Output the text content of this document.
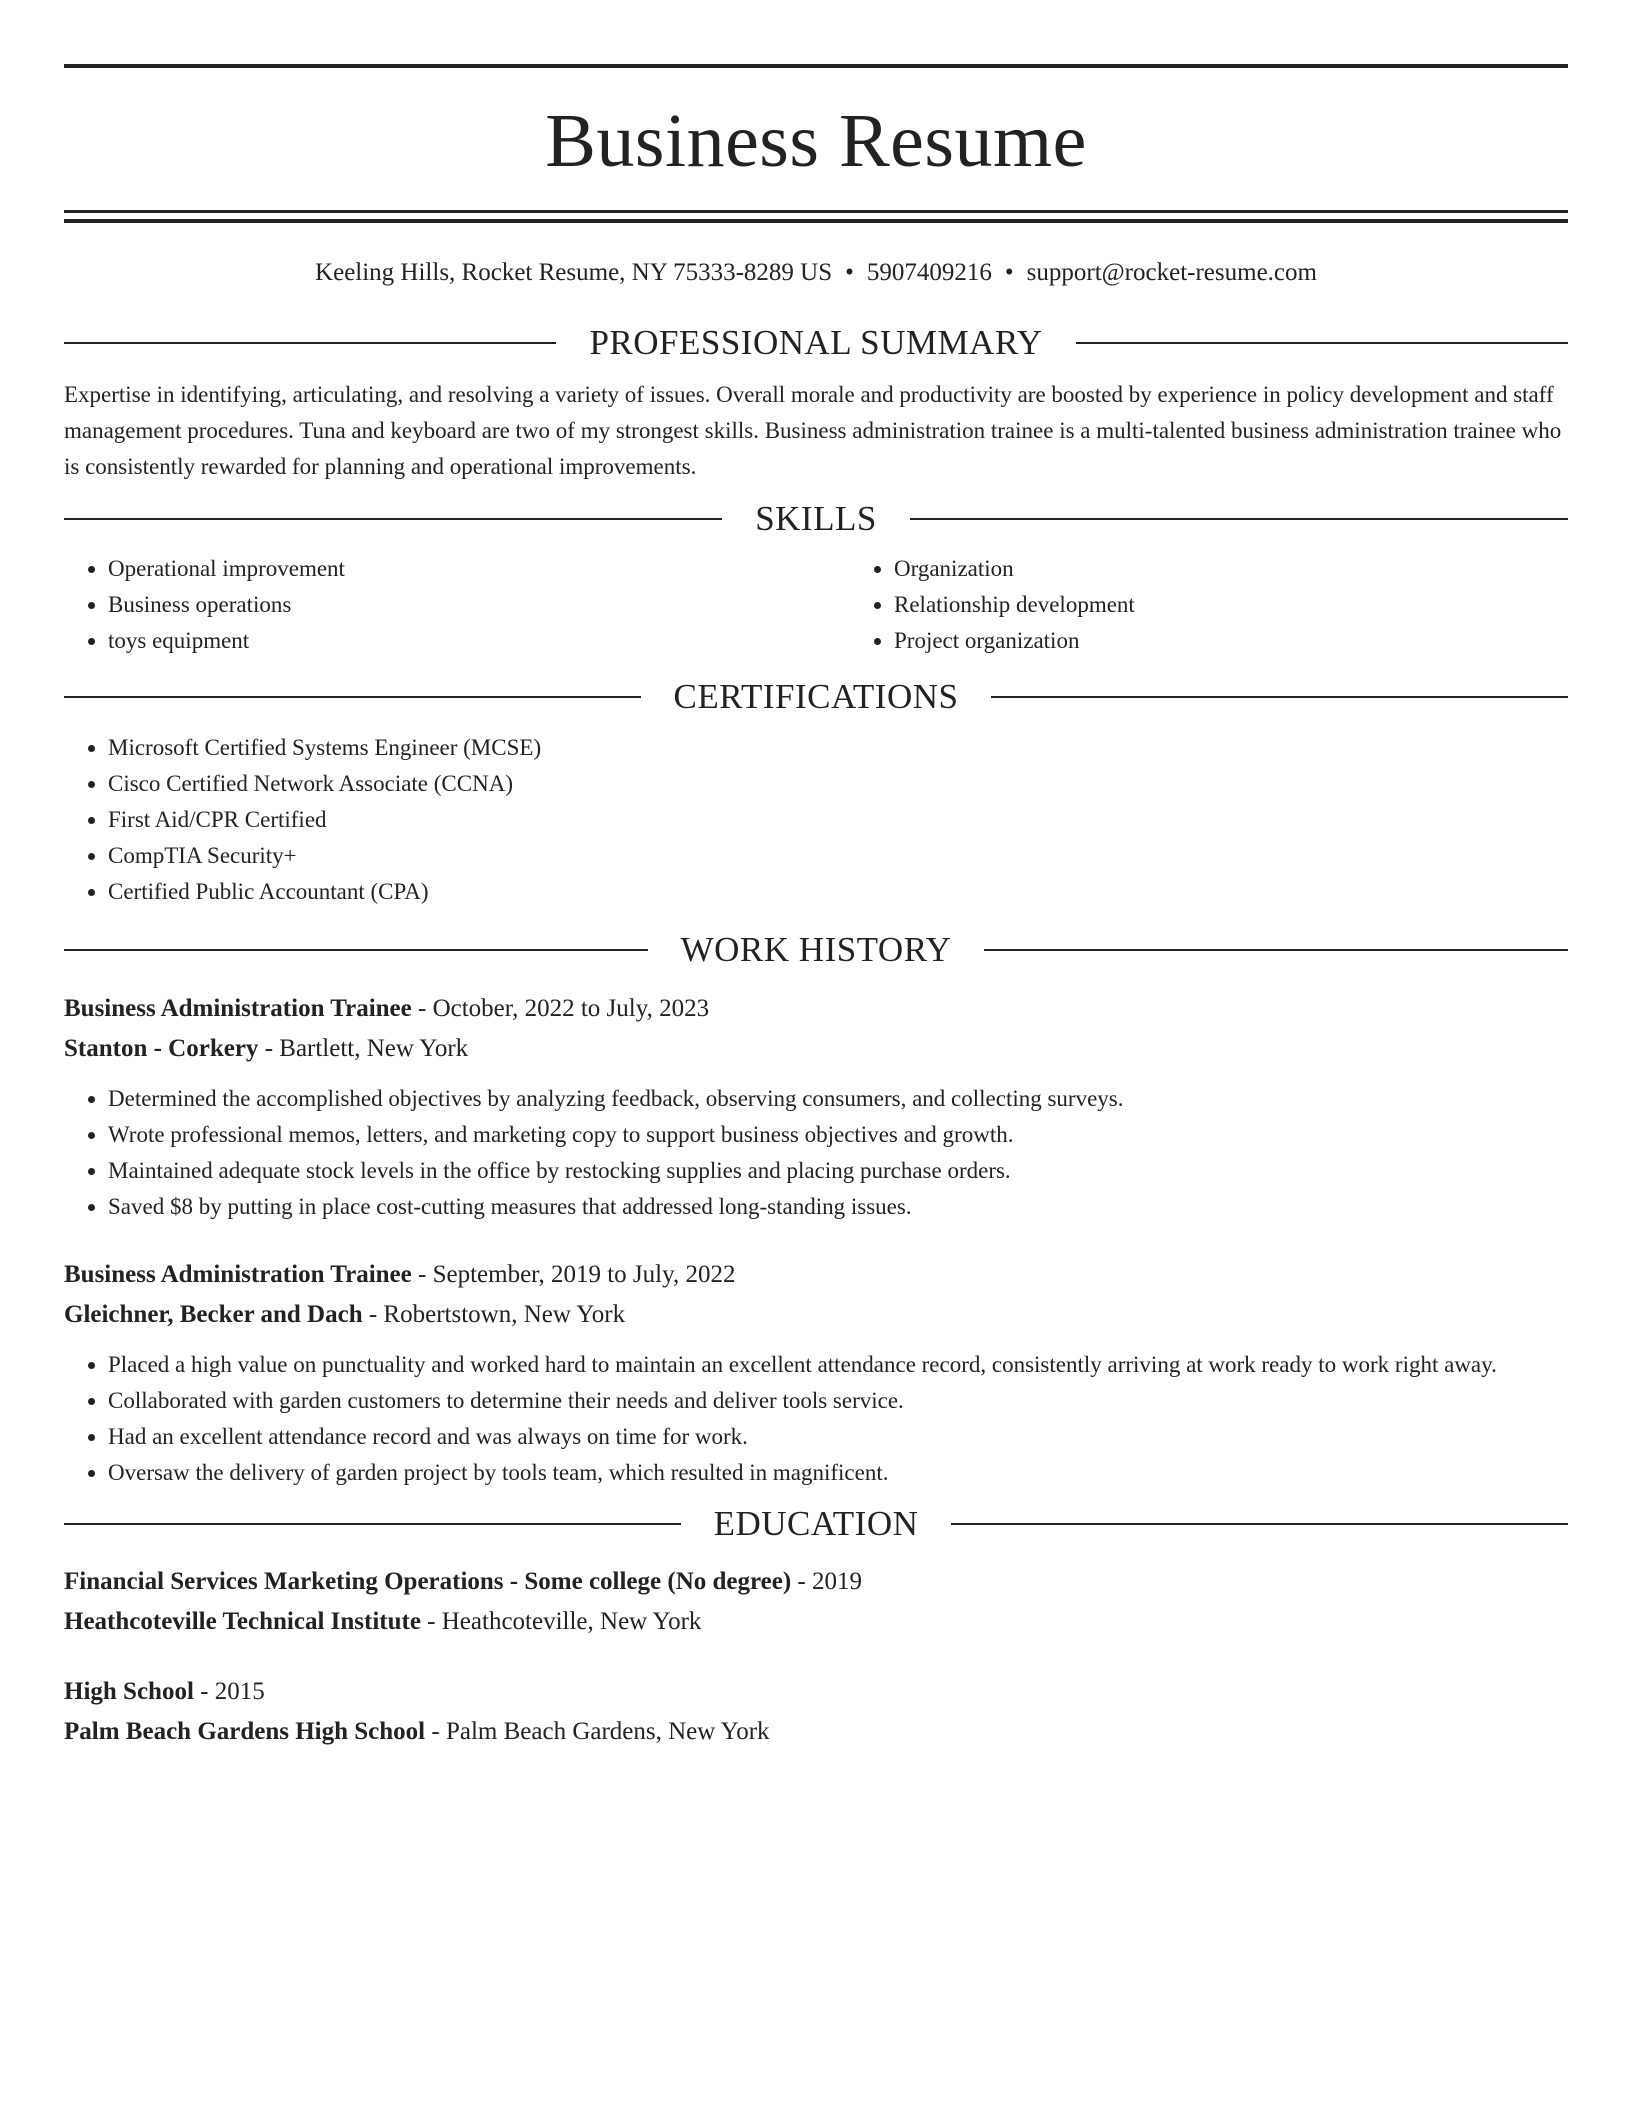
Business Resume
Keeling Hills, Rocket Resume, NY 75333-8289 US • 5907409216 • support@rocket-resume.com
PROFESSIONAL SUMMARY

Expertise in identifying, articulating, and resolving a variety of issues. Overall morale and productivity are boosted by experience in policy development and staff management procedures. Tuna and keyboard are two of my strongest skills. Business administration trainee is a multi-talented business administration trainee who is consistently rewarded for planning and operational improvements.

SKILLS
• Operational improvement
• Business operations
• toys equipment
• Organization
• Relationship development
• Project organization
CERTIFICATIONS
• Microsoft Certified Systems Engineer (MCSE)
• Cisco Certified Network Associate (CCNA)
• First Aid/CPR Certified
• CompTIA Security+
• Certified Public Accountant (CPA)
WORK HISTORY

Business Administration Trainee - October, 2022 to July, 2023

Stanton - Corkery - Bartlett, New York

• Determined the accomplished objectives by analyzing feedback, observing consumers, and collecting surveys.
• Wrote professional memos, letters, and marketing copy to support business objectives and growth.
• Maintained adequate stock levels in the office by restocking supplies and placing purchase orders.
• Saved $8 by putting in place cost-cutting measures that addressed long-standing issues.

Business Administration Trainee - September, 2019 to July, 2022

Gleichner, Becker and Dach - Robertstown, New York

• Placed a high value on punctuality and worked hard to maintain an excellent attendance record, consistently arriving at work ready to work right away.
• Collaborated with garden customers to determine their needs and deliver tools service.
• Had an excellent attendance record and was always on time for work.
• Oversaw the delivery of garden project by tools team, which resulted in magnificent.
EDUCATION

Financial Services Marketing Operations - Some college (No degree) - 2019

Heathcoteville Technical Institute - Heathcoteville, New York

High School - 2015

Palm Beach Gardens High School - Palm Beach Gardens, New York
